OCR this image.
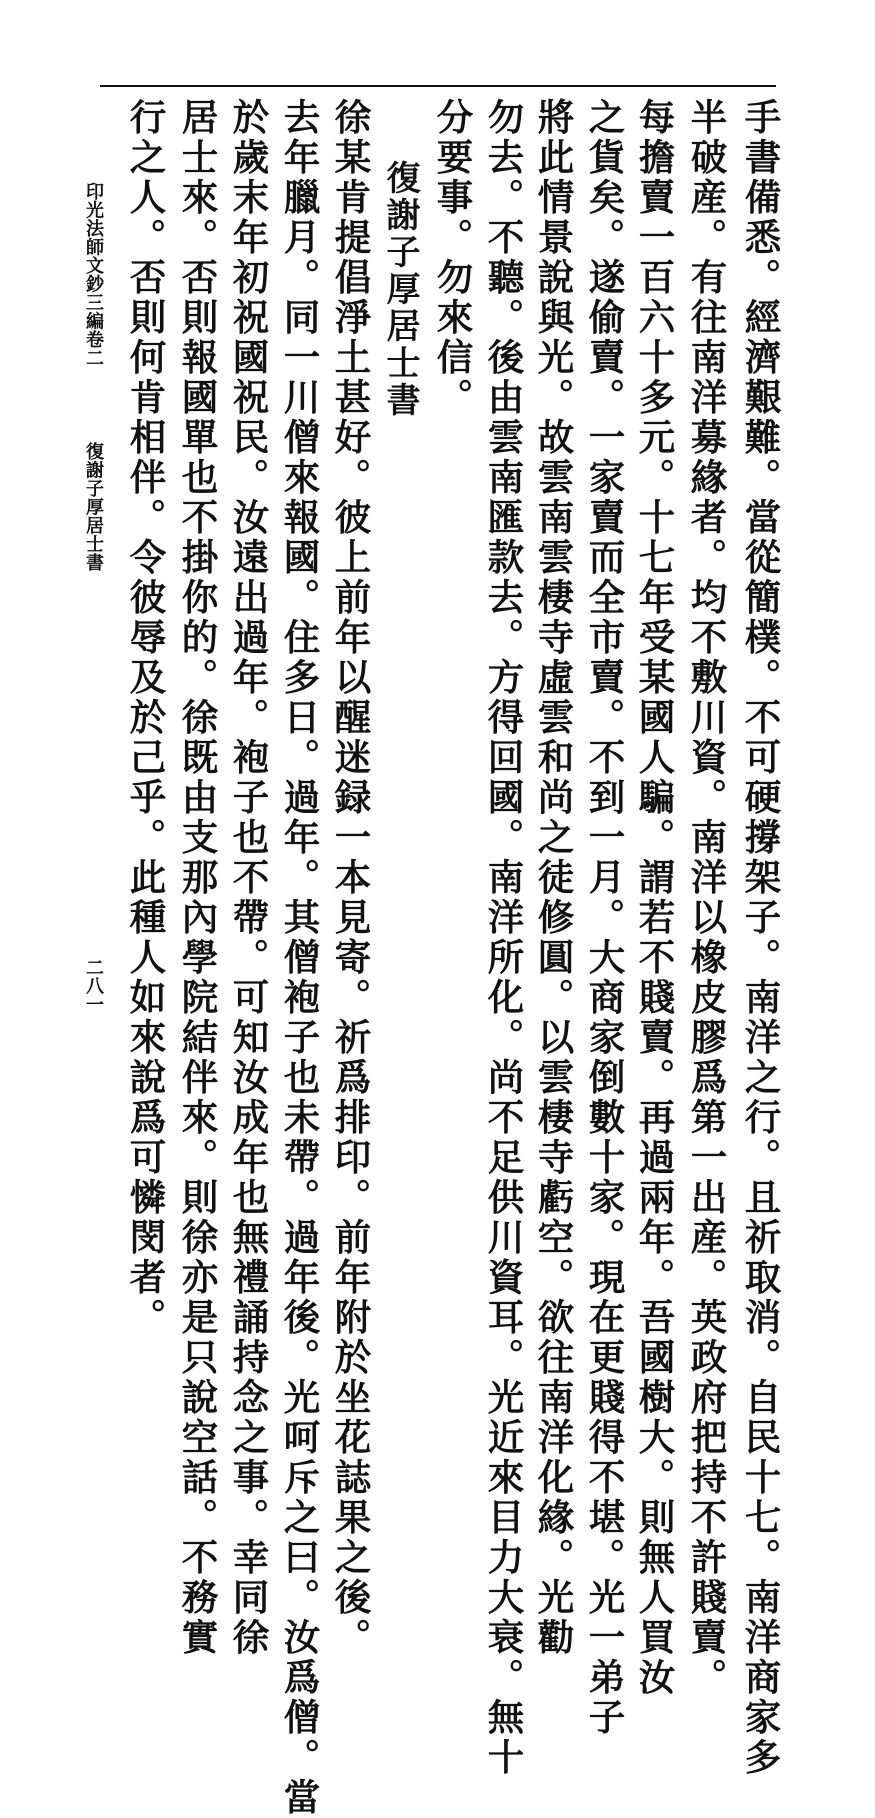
手書備悉。經濟艱難。當從簡樸。不可硬撐架子。南洋之行。且祈取消。自民十七。南洋商家多
半破産。有往南洋募緣者。均不敷川資。南洋以橡皮膠爲第一出産。英政府把持不許賤賣。
每擔賣一百六十多元。十七年受某國人騙。謂若不賤賣。再過兩年。吾國樹大。則無人買汝
之貨矣。遂偷賣。一家賣而全市賣。不到一月。大商家倒數十家。現在更賤得不堪。光一弟子
將此情景說與光。故雲南雲棲寺虛雲和尚之徒修圓。以雲棲寺虧空。欲往南洋化緣。光勸
勿去。不聽。後由雲南匯款去。方得回國。南洋所化。尚不足供川資耳。光近來目力大衰。無十
分要事。勿來信。
復謝子厚居士書
徐某肯提倡淨土甚好。彼上前年以醒迷録一本見寄。祈爲排印。前年附於坐花誌果之後。
去年臘月。同一川僧來報國。住多日。過年。其僧袍子也未帶。過年後。光呵斥之曰。汝爲僧。當
於歲末年初祝國祝民。汝遠出過年。袍子也不帶。可知汝成年也無禮誦持念之事。幸同徐
居士來。否則報國單也不掛你的。徐既由支那內學院結伴來。則徐亦是只說空話。不務實
行之人。否則何肯相伴。令彼辱及於己乎。此種人如來說爲可憐閔者。
印光法師文鈔三編卷二
復謝子厚居士書
二八一
